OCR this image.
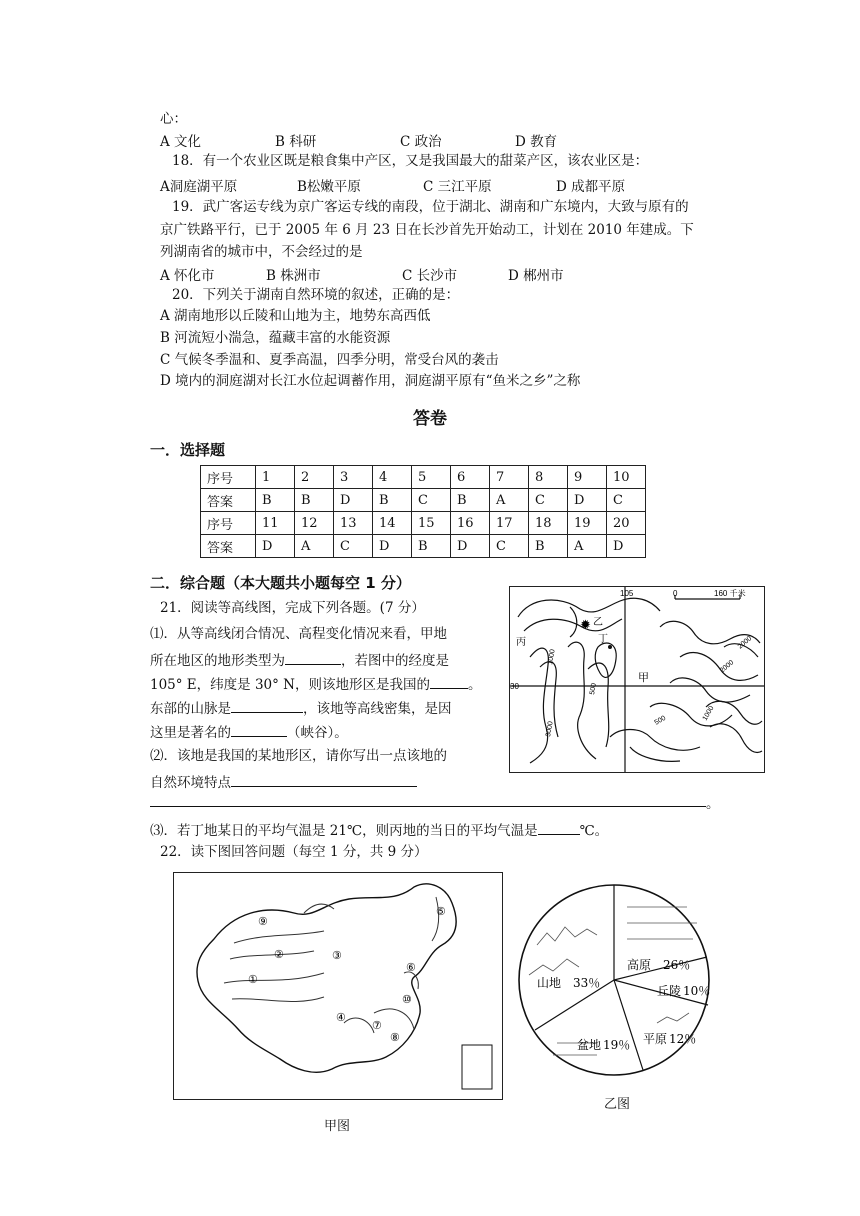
心：
A 文化	B 科研	C 政治	D 教育
18．有一个农业区既是粮食集中产区，又是我国最大的甜菜产区，该农业区是：
A洞庭湖平原	B松嫩平原	C 三江平原	D 成都平原
19．武广客运专线为京广客运专线的南段，位于湖北、湖南和广东境内，大致与原有的
京广铁路平行，已于 2005 年 6 月 23 日在长沙首先开始动工，计划在 2010 年建成。下
列湖南省的城市中，不会经过的是
A 怀化市	B 株洲市	C 长沙市	D 郴州市
20．下列关于湖南自然环境的叙述，正确的是：
A 湖南地形以丘陵和山地为主，地势东高西低
B 河流短小湍急，蕴藏丰富的水能资源
C 气候冬季温和、夏季高温，四季分明，常受台风的袭击
D 境内的洞庭湖对长江水位起调蓄作用，洞庭湖平原有“鱼米之乡”之称
答卷
一．选择题
序号	1	2	3	4	5	6	7	8	9	10
答案	B	B	D	B	C	B	A	C	D	C
序号	11	12	13	14	15	16	17	18	19	20
答案	D	A	C	D	B	D	C	B	A	D
二．综合题（本大题共小题每空 1 分）
21．阅读等高线图，完成下列各题。(7 分）
⑴．从等高线闭合情况、高程变化情况来看，甲地
所在地区的地形类型为	，若图中的经度是
105° E，纬度是 30° N，则该地形区是我国的	。
东部的山脉是	，该地等高线密集，是因
这里是著名的	（峡谷）。
⑵．该地是我国的某地形区，请你写出一点该地的
自然环境特点
。
⑶．若丁地某日的平均气温是 21℃，则丙地的当日的平均气温是	℃。
105	0	160 千米
30
丙
乙
丁
甲
✹
1000
500
3000
2000
2000
1000
500
22．读下图回答问题（每空 1 分，共 9 分）
⑨
②	③
①
④
⑤
⑥
⑦
⑧
⑩
甲图
高原 26％
丘陵 10％
平原 12％
盆地 19％
山地 33％
乙图
